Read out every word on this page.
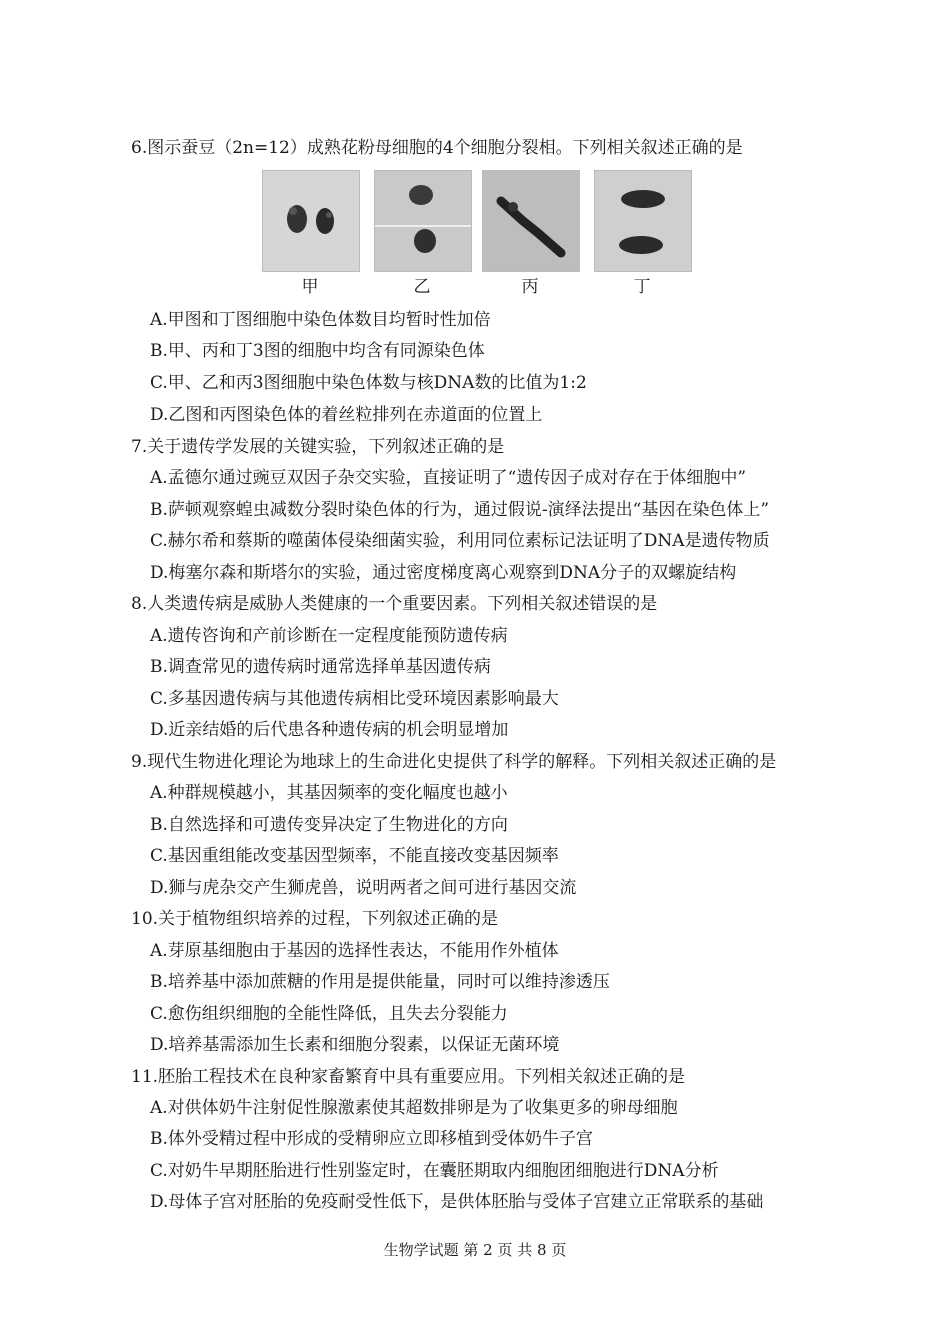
6.图示蚕豆（2n=12）成熟花粉母细胞的4个细胞分裂相。下列相关叙述正确的是
甲	乙	丙	丁
A.甲图和丁图细胞中染色体数目均暂时性加倍
B.甲、丙和丁3图的细胞中均含有同源染色体
C.甲、乙和丙3图细胞中染色体数与核DNA数的比值为1:2
D.乙图和丙图染色体的着丝粒排列在赤道面的位置上
7.关于遗传学发展的关键实验，下列叙述正确的是
A.孟德尔通过豌豆双因子杂交实验，直接证明了“遗传因子成对存在于体细胞中”
B.萨顿观察蝗虫减数分裂时染色体的行为，通过假说-演绎法提出“基因在染色体上”
C.赫尔希和蔡斯的噬菌体侵染细菌实验，利用同位素标记法证明了DNA是遗传物质
D.梅塞尔森和斯塔尔的实验，通过密度梯度离心观察到DNA分子的双螺旋结构
8.人类遗传病是威胁人类健康的一个重要因素。下列相关叙述错误的是
A.遗传咨询和产前诊断在一定程度能预防遗传病
B.调查常见的遗传病时通常选择单基因遗传病
C.多基因遗传病与其他遗传病相比受环境因素影响最大
D.近亲结婚的后代患各种遗传病的机会明显增加
9.现代生物进化理论为地球上的生命进化史提供了科学的解释。下列相关叙述正确的是
A.种群规模越小，其基因频率的变化幅度也越小
B.自然选择和可遗传变异决定了生物进化的方向
C.基因重组能改变基因型频率，不能直接改变基因频率
D.狮与虎杂交产生狮虎兽，说明两者之间可进行基因交流
10.关于植物组织培养的过程，下列叙述正确的是
A.芽原基细胞由于基因的选择性表达，不能用作外植体
B.培养基中添加蔗糖的作用是提供能量，同时可以维持渗透压
C.愈伤组织细胞的全能性降低，且失去分裂能力
D.培养基需添加生长素和细胞分裂素，以保证无菌环境
11.胚胎工程技术在良种家畜繁育中具有重要应用。下列相关叙述正确的是
A.对供体奶牛注射促性腺激素使其超数排卵是为了收集更多的卵母细胞
B.体外受精过程中形成的受精卵应立即移植到受体奶牛子宫
C.对奶牛早期胚胎进行性别鉴定时，在囊胚期取内细胞团细胞进行DNA分析
D.母体子宫对胚胎的免疫耐受性低下，是供体胚胎与受体子宫建立正常联系的基础
生物学试题 第 2 页 共 8 页
